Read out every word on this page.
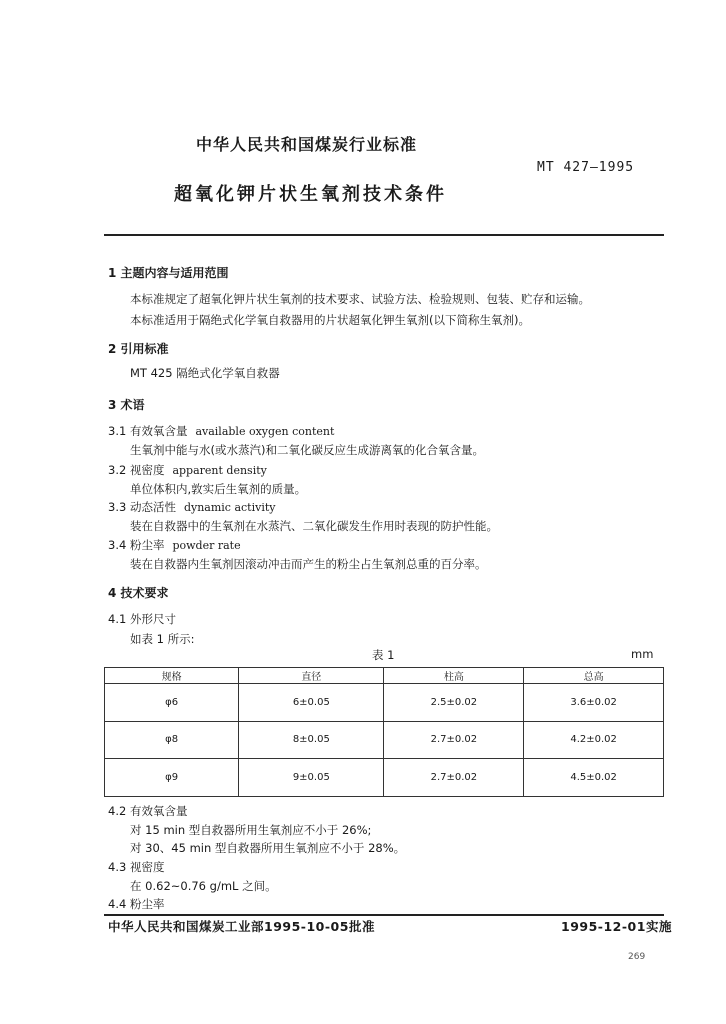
中华人民共和国煤炭行业标准
MT 427—1995
超氧化钾片状生氧剂技术条件
1 主题内容与适用范围
本标准规定了超氧化钾片状生氧剂的技术要求、试验方法、检验规则、包装、贮存和运输。
本标准适用于隔绝式化学氧自救器用的片状超氧化钾生氧剂(以下简称生氧剂)。
2 引用标准
MT 425 隔绝式化学氧自救器
3 术语
3.1 有效氧含量 available oxygen content
生氧剂中能与水(或水蒸汽)和二氧化碳反应生成游离氧的化合氧含量。
3.2 视密度 apparent density
单位体积内,敦实后生氧剂的质量。
3.3 动态活性 dynamic activity
装在自救器中的生氧剂在水蒸汽、二氧化碳发生作用时表现的防护性能。
3.4 粉尘率 powder rate
装在自救器内生氧剂因滚动冲击而产生的粉尘占生氧剂总重的百分率。
4 技术要求
4.1 外形尺寸
如表 1 所示:
表 1	mm
规格	直径	柱高	总高
φ6	6±0.05	2.5±0.02	3.6±0.02
φ8	8±0.05	2.7±0.02	4.2±0.02
φ9	9±0.05	2.7±0.02	4.5±0.02
4.2 有效氧含量
对 15 min 型自救器所用生氧剂应不小于 26%;
对 30、45 min 型自救器所用生氧剂应不小于 28%。
4.3 视密度
在 0.62~0.76 g/mL 之间。
4.4 粉尘率
中华人民共和国煤炭工业部1995-10-05批准	1995-12-01实施
269
